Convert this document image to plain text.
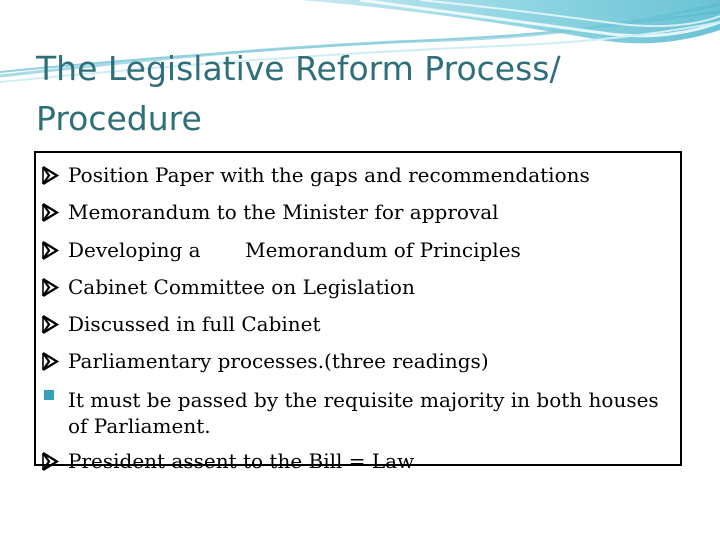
The Legislative Reform Process/ Procedure
Position Paper with the gaps and recommendations
Memorandum to the Minister for approval
Developing a       Memorandum of Principles
Cabinet Committee on Legislation
Discussed in full Cabinet
Parliamentary processes.(three readings)
It must be passed by the requisite majority in both houses of Parliament.
President assent to the Bill = Law
